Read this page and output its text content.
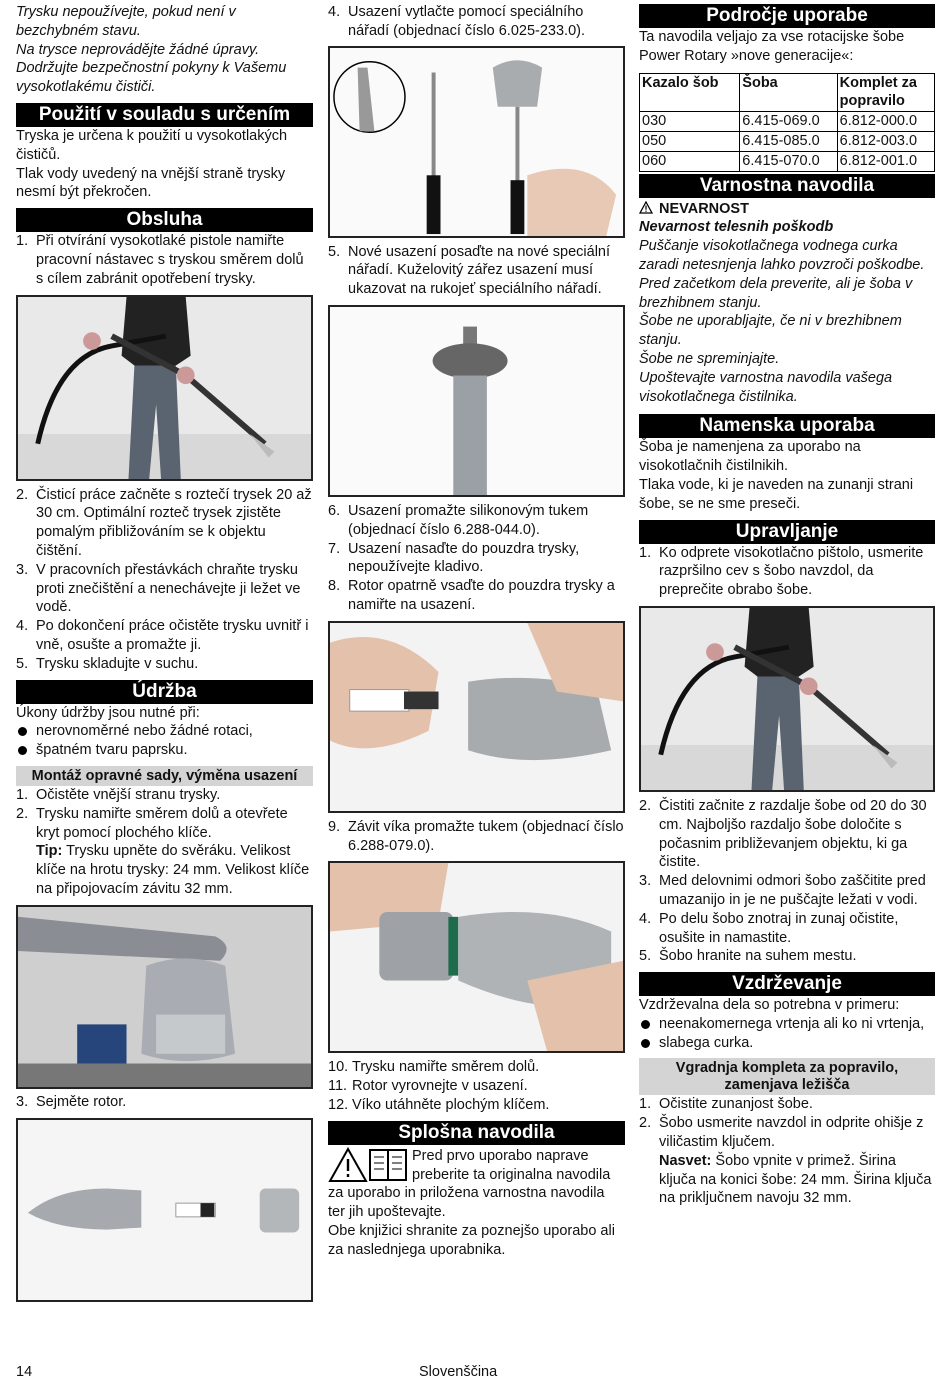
Trysku nepoužívejte, pokud není v bezchybném stavu.

Na trysce neprovádějte žádné úpravy.

Dodržujte bezpečnostní pokyny k Vašemu vysokotlakému čističi.

Použití v souladu s určením

Tryska je určena k použití u vysokotlakých čističů.

Tlak vody uvedený na vnější straně trysky nesmí být překročen.

Obsluha
1. Při otvírání vysokotlaké pistole namiřte pracovní nástavec s tryskou směrem dolů s cílem zabránit opotřebení trysky.
2. Čisticí práce začněte s roztečí trysek 20 až 30 cm. Optimální rozteč trysek zjistěte pomalým přibližováním se k objektu čištění.
3. V pracovních přestávkách chraňte trysku proti znečištění a nenechávejte ji ležet ve vodě.
4. Po dokončení práce očistěte trysku uvnitř i vně, osušte a promažte ji.
5. Trysku skladujte v suchu.
Údržba

Úkony údržby jsou nutné při:

nerovnoměrné nebo žádné rotaci,
špatném tvaru paprsku.
Montáž opravné sady, výměna usazení
1. Očistěte vnější stranu trysky.
2. Trysku namiřte směrem dolů a otevřete kryt pomocí plochého klíče.
Tip: Trysku upněte do svěráku. Velikost klíče na hrotu trysky: 24 mm. Velikost klíče na připojovacím závitu 32 mm.
3. Sejměte rotor.
4. Usazení vytlačte pomocí speciálního nářadí (objednací číslo 6.025-233.0).
5. Nové usazení posaďte na nové speciální nářadí. Kuželovitý zářez usazení musí ukazovat na rukojeť speciálního nářadí.
6. Usazení promažte silikonovým tukem (objednací číslo 6.288-044.0).
7. Usazení nasaďte do pouzdra trysky, nepoužívejte kladivo.
8. Rotor opatrně vsaďte do pouzdra trysky a namiřte na usazení.
9. Závit víka promažte tukem (objednací číslo 6.288-079.0).
10. Trysku namiřte směrem dolů.
11. Rotor vyrovnejte v usazení.
12. Víko utáhněte plochým klíčem.
Splošna navodila

Pred prvo uporabo naprave preberite ta originalna navodila za uporabo in priložena varnostna navodila ter jih upoštevajte.

Obe knjižici shranite za poznejšo uporabo ali za naslednjega uporabnika.

Področje uporabe

Ta navodila veljajo za vse rotacijske šobe Power Rotary »nove generacije«:

Kazalo šob	Šoba	Komplet za popravilo
030	6.415-069.0	6.812-000.0
050	6.415-085.0	6.812-003.0
060	6.415-070.0	6.812-001.0
Varnostna navodila

NEVARNOST

Nevarnost telesnih poškodb

Puščanje visokotlačnega vodnega curka zaradi netesnjenja lahko povzroči poškodbe.

Pred začetkom dela preverite, ali je šoba v brezhibnem stanju.

Šobe ne uporabljajte, če ni v brezhibnem stanju.

Šobe ne spreminjajte.

Upoštevajte varnostna navodila vašega visokotlačnega čistilnika.

Namenska uporaba

Šoba je namenjena za uporabo na visokotlačnih čistilnikih.

Tlaka vode, ki je naveden na zunanji strani šobe, se ne sme preseči.

Upravljanje
1. Ko odprete visokotlačno pištolo, usmerite razpršilno cev s šobo navzdol, da preprečite obrabo šobe.
2. Čistiti začnite z razdalje šobe od 20 do 30 cm. Najboljšo razdaljo šobe določite s počasnim približevanjem objektu, ki ga čistite.
3. Med delovnimi odmori šobo zaščitite pred umazanijo in je ne puščajte ležati v vodi.
4. Po delu šobo znotraj in zunaj očistite, osušite in namastite.
5. Šobo hranite na suhem mestu.
Vzdrževanje

Vzdrževalna dela so potrebna v primeru:

neenakomernega vrtenja ali ko ni vrtenja,
slabega curka.
Vgradnja kompleta za popravilo, zamenjava ležišča
1. Očistite zunanjost šobe.
2. Šobo usmerite navzdol in odprite ohišje z viličastim ključem.
Nasvet: Šobo vpnite v primež. Širina ključa na konici šobe: 24 mm. Širina ključa na priključnem navoju 32 mm.
14	Slovenščina
